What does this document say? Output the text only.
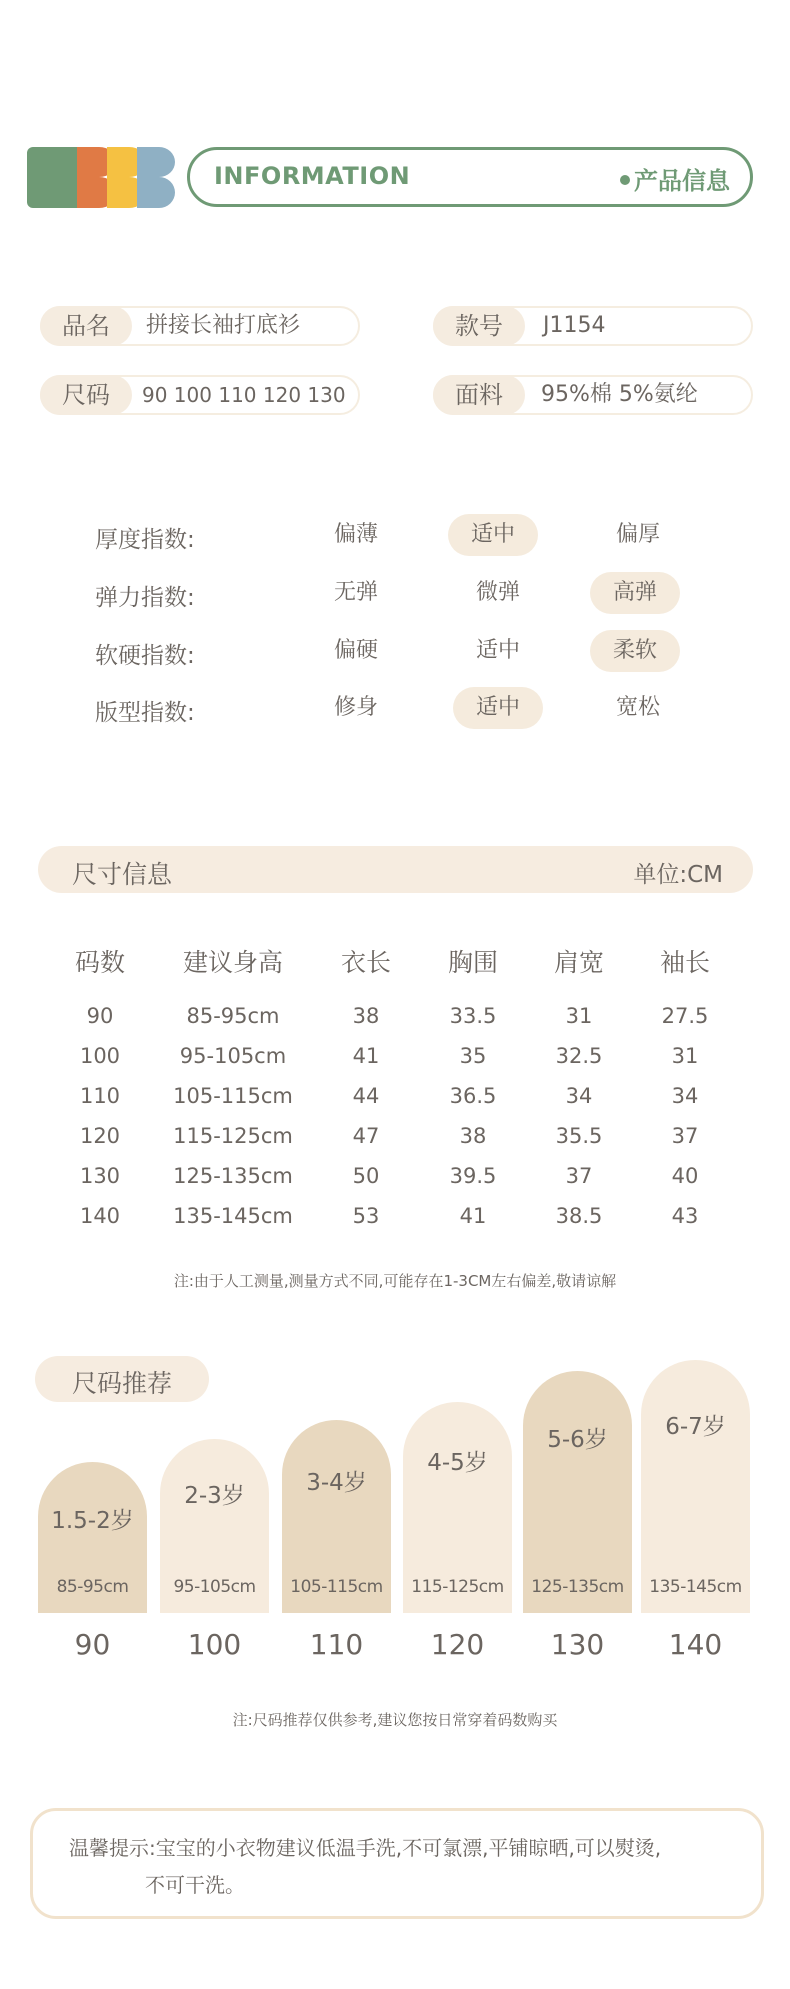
INFORMATION	产品信息
品名	拼接长袖打底衫	款号	J1154
尺码	90 100 110 120 130	面料	95%棉 5%氨纶
厚度指数:	偏薄	适中	偏厚
弹力指数:	无弹	微弹	高弹
软硬指数:	偏硬	适中	柔软
版型指数:	修身	适中	宽松
尺寸信息	单位:CM
码数	建议身高	衣长	胸围	肩宽	袖长
90	85-95cm	38	33.5	31	27.5
100	95-105cm	41	35	32.5	31
110	105-115cm	44	36.5	34	34
120	115-125cm	47	38	35.5	37
130	125-135cm	50	39.5	37	40
140	135-145cm	53	41	38.5	43
注:由于人工测量,测量方式不同,可能存在1-3CM左右偏差,敬请谅解
尺码推荐
1.5-2岁
85-95cm
90
2-3岁
95-105cm
100
3-4岁
105-115cm
110
4-5岁
115-125cm
120
5-6岁
125-135cm
130
6-7岁
135-145cm
140
注:尺码推荐仅供参考,建议您按日常穿着码数购买
温馨提示:宝宝的小衣物建议低温手洗,不可氯漂,平铺晾晒,可以熨烫,
不可干洗。
